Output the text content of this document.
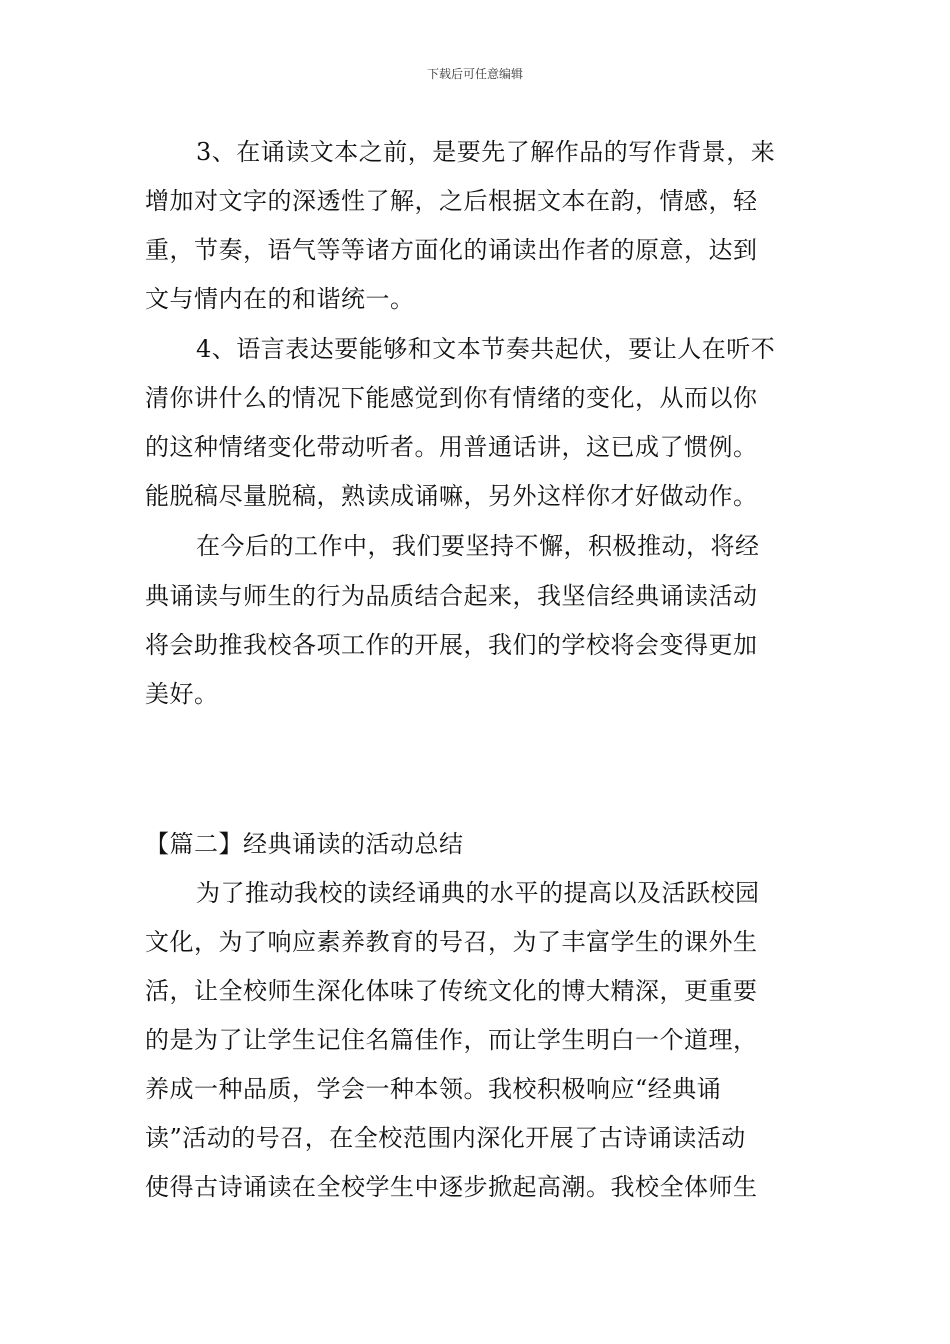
下载后可任意编辑
3、在诵读文本之前，是要先了解作品的写作背景，来
增加对文字的深透性了解，之后根据文本在韵，情感，轻
重，节奏，语气等等诸方面化的诵读出作者的原意，达到
文与情内在的和谐统一。
4、语言表达要能够和文本节奏共起伏，要让人在听不
清你讲什么的情况下能感觉到你有情绪的变化，从而以你
的这种情绪变化带动听者。用普通话讲，这已成了惯例。
能脱稿尽量脱稿，熟读成诵嘛，另外这样你才好做动作。
在今后的工作中，我们要坚持不懈，积极推动，将经
典诵读与师生的行为品质结合起来，我坚信经典诵读活动
将会助推我校各项工作的开展，我们的学校将会变得更加
美好。
【篇二】经典诵读的活动总结
为了推动我校的读经诵典的水平的提高以及活跃校园
文化，为了响应素养教育的号召，为了丰富学生的课外生
活，让全校师生深化体味了传统文化的博大精深，更重要
的是为了让学生记住名篇佳作，而让学生明白一个道理，
养成一种品质，学会一种本领。我校积极响应“经典诵
读”活动的号召，在全校范围内深化开展了古诗诵读活动
使得古诗诵读在全校学生中逐步掀起高潮。我校全体师生
